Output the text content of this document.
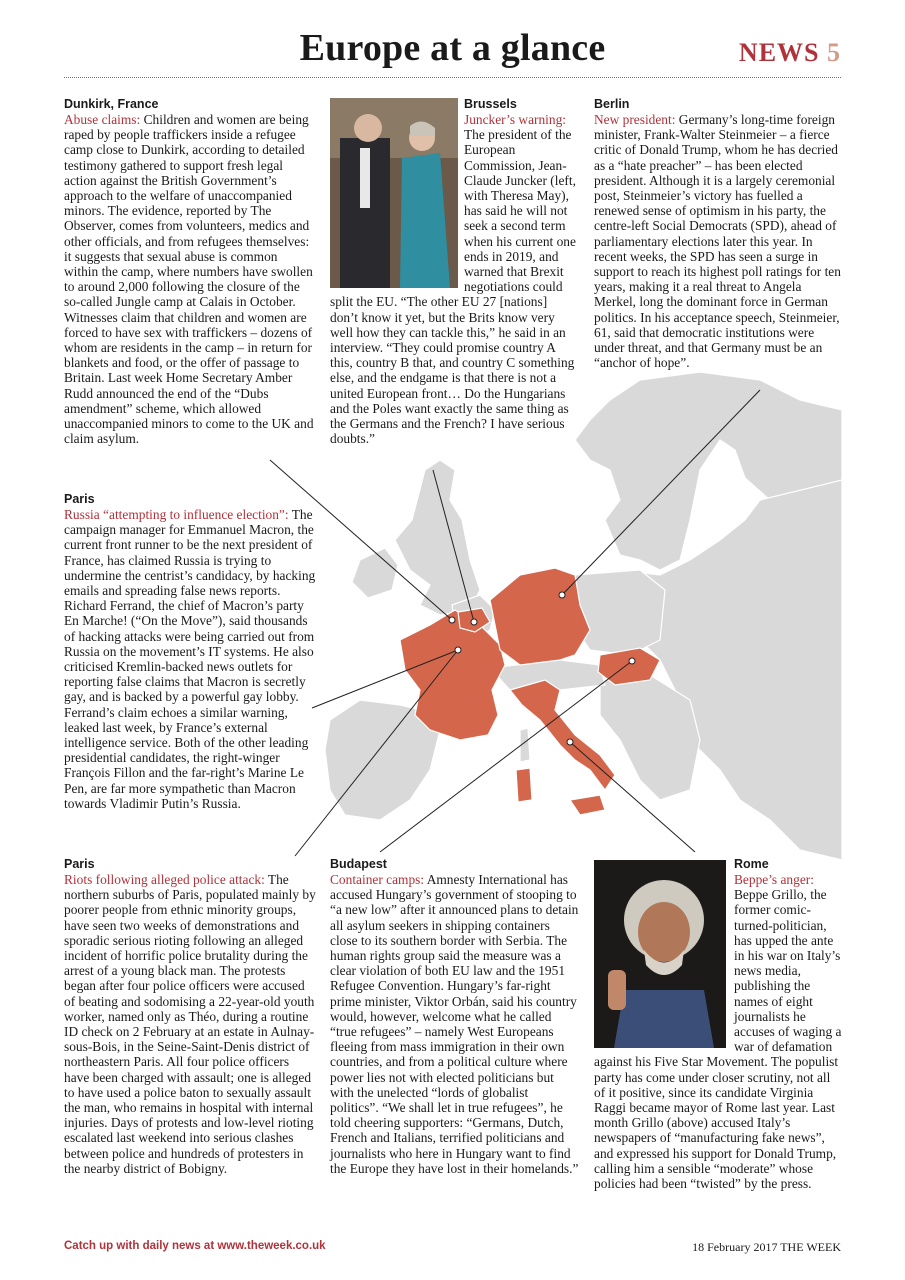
Europe at a glance	NEWS 5
Dunkirk, France
Abuse claims: Children and women are being raped by people traffickers inside a refugee camp close to Dunkirk, according to detailed testimony gathered to support fresh legal action against the British Government’s approach to the welfare of unaccompanied minors. The evidence, reported by The Observer, comes from volunteers, medics and other officials, and from refugees themselves: it suggests that sexual abuse is common within the camp, where numbers have swollen to around 2,000 following the closure of the so-called Jungle camp at Calais in October. Witnesses claim that children and women are forced to have sex with traffickers – dozens of whom are residents in the camp – in return for blankets and food, or the offer of passage to Britain. Last week Home Secretary Amber Rudd announced the end of the “Dubs amendment” scheme, which allowed unaccompanied minors to come to the UK and claim asylum.
Brussels
Juncker’s warning: The president of the European Commission, Jean-Claude Juncker (left, with Theresa May), has said he will not seek a second term when his current one ends in 2019, and warned that Brexit negotiations could split the EU. “The other EU 27 [nations] don’t know it yet, but the Brits know very well how they can tackle this,” he said in an interview. “They could promise country A this, country B that, and country C something else, and the endgame is that there is not a united European front… Do the Hungarians and the Poles want exactly the same thing as the Germans and the French? I have serious doubts.”
Berlin
New president: Germany’s long-time foreign minister, Frank-Walter Steinmeier – a fierce critic of Donald Trump, whom he has decried as a “hate preacher” – has been elected president. Although it is a largely ceremonial post, Steinmeier’s victory has fuelled a renewed sense of optimism in his party, the centre-left Social Democrats (SPD), ahead of parliamentary elections later this year. In recent weeks, the SPD has seen a surge in support to reach its highest poll ratings for ten years, making it a real threat to Angela Merkel, long the dominant force in German politics. In his acceptance speech, Steinmeier, 61, said that democratic institutions were under threat, and that Germany must be an “anchor of hope”.
Paris
Russia “attempting to influence election”: The campaign manager for Emmanuel Macron, the current front runner to be the next president of France, has claimed Russia is trying to undermine the centrist’s candidacy, by hacking emails and spreading false news reports. Richard Ferrand, the chief of Macron’s party En Marche! (“On the Move”), said thousands of hacking attacks were being carried out from Russia on the movement’s IT systems. He also criticised Kremlin-backed news outlets for reporting false claims that Macron is secretly gay, and is backed by a powerful gay lobby. Ferrand’s claim echoes a similar warning, leaked last week, by France’s external intelligence service. Both of the other leading presidential candidates, the right-winger François Fillon and the far-right’s Marine Le Pen, are far more sympathetic than Macron towards Vladimir Putin’s Russia.
Paris
Riots following alleged police attack: The northern suburbs of Paris, populated mainly by poorer people from ethnic minority groups, have seen two weeks of demonstrations and sporadic serious rioting following an alleged incident of horrific police brutality during the arrest of a young black man. The protests began after four police officers were accused of beating and sodomising a 22-year-old youth worker, named only as Théo, during a routine ID check on 2 February at an estate in Aulnay-sous-Bois, in the Seine-Saint-Denis district of northeastern Paris. All four police officers have been charged with assault; one is alleged to have used a police baton to sexually assault the man, who remains in hospital with internal injuries. Days of protests and low-level rioting escalated last weekend into serious clashes between police and hundreds of protesters in the nearby district of Bobigny.
Budapest
Container camps: Amnesty International has accused Hungary’s government of stooping to “a new low” after it announced plans to detain all asylum seekers in shipping containers close to its southern border with Serbia. The human rights group said the measure was a clear violation of both EU law and the 1951 Refugee Convention. Hungary’s far-right prime minister, Viktor Orbán, said his country would, however, welcome what he called “true refugees” – namely West Europeans fleeing from mass immigration in their own countries, and from a political culture where power lies not with elected politicians but with the unelected “lords of globalist politics”. “We shall let in true refugees”, he told cheering supporters: “Germans, Dutch, French and Italians, terrified politicians and journalists who here in Hungary want to find the Europe they have lost in their homelands.”
Rome
Beppe’s anger: Beppe Grillo, the former comic-turned-politician, has upped the ante in his war on Italy’s news media, publishing the names of eight journalists he accuses of waging a war of defamation against his Five Star Movement. The populist party has come under closer scrutiny, not all of it positive, since its candidate Virginia Raggi became mayor of Rome last year. Last month Grillo (above) accused Italy’s newspapers of “manufacturing fake news”, and expressed his support for Donald Trump, calling him a sensible “moderate” whose policies had been “twisted” by the press.
Catch up with daily news at www.theweek.co.uk	18 February 2017 THE WEEK
